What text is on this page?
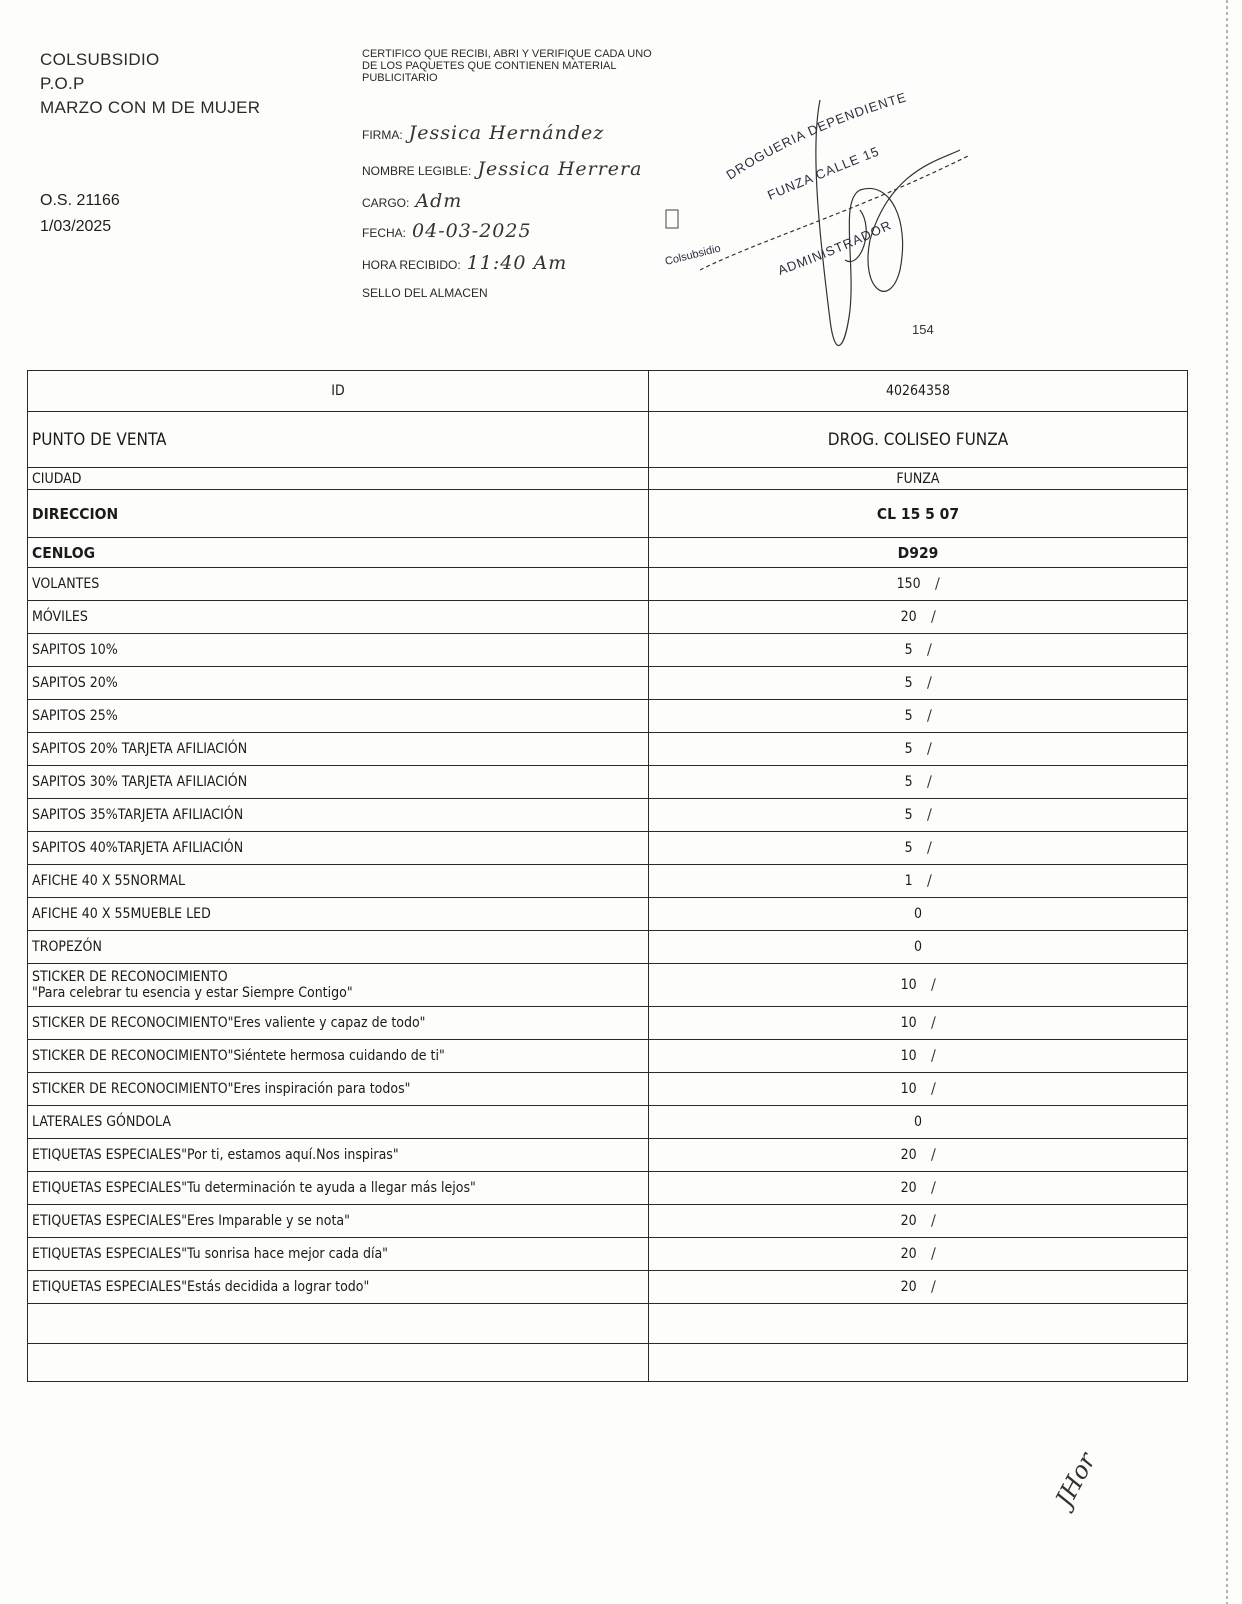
COLSUBSIDIO
P.O.P
MARZO CON M DE MUJER
O.S. 21166
1/03/2025
CERTIFICO QUE RECIBI, ABRI Y VERIFIQUE CADA UNO DE LOS PAQUETES QUE CONTIENEN MATERIAL PUBLICITARIO
FIRMA: Jessica Hernández
NOMBRE LEGIBLE: Jessica Herrera
CARGO: Adm
FECHA: 04-03-2025
HORA RECIBIDO: 11:40 Am
SELLO DEL ALMACEN
DROGUERIA DEPENDIENTE
FUNZA CALLE 15
ADMINISTRADOR
Colsubsidio
154
ID	40264358
PUNTO DE VENTA	DROG. COLISEO FUNZA
CIUDAD	FUNZA
DIRECCION	CL 15 5 07
CENLOG	D929

VOLANTES	150 /

MÓVILES	20 /

SAPITOS 10%	5 /

SAPITOS 20%	5 /

SAPITOS 25%	5 /

SAPITOS 20% TARJETA AFILIACIÓN	5 /

SAPITOS 30% TARJETA AFILIACIÓN	5 /

SAPITOS 35%TARJETA AFILIACIÓN	5 /

SAPITOS 40%TARJETA AFILIACIÓN	5 /

AFICHE 40 X 55NORMAL	1 /

AFICHE 40 X 55MUEBLE LED	0

TROPEZÓN	0

STICKER DE RECONOCIMIENTO
"Para celebrar tu esencia y estar Siempre Contigo"	10 /

STICKER DE RECONOCIMIENTO"Eres valiente y capaz de todo"	10 /

STICKER DE RECONOCIMIENTO"Siéntete hermosa cuidando de ti"	10 /

STICKER DE RECONOCIMIENTO"Eres inspiración para todos"	10 /

LATERALES GÓNDOLA	0

ETIQUETAS ESPECIALES"Por ti, estamos aquí.Nos inspiras"	20 /

ETIQUETAS ESPECIALES"Tu determinación te ayuda a llegar más lejos"	20 /

ETIQUETAS ESPECIALES"Eres Imparable y se nota"	20 /

ETIQUETAS ESPECIALES"Tu sonrisa hace mejor cada día"	20 /

ETIQUETAS ESPECIALES"Estás decidida a lograr todo"	20 /

JHor
